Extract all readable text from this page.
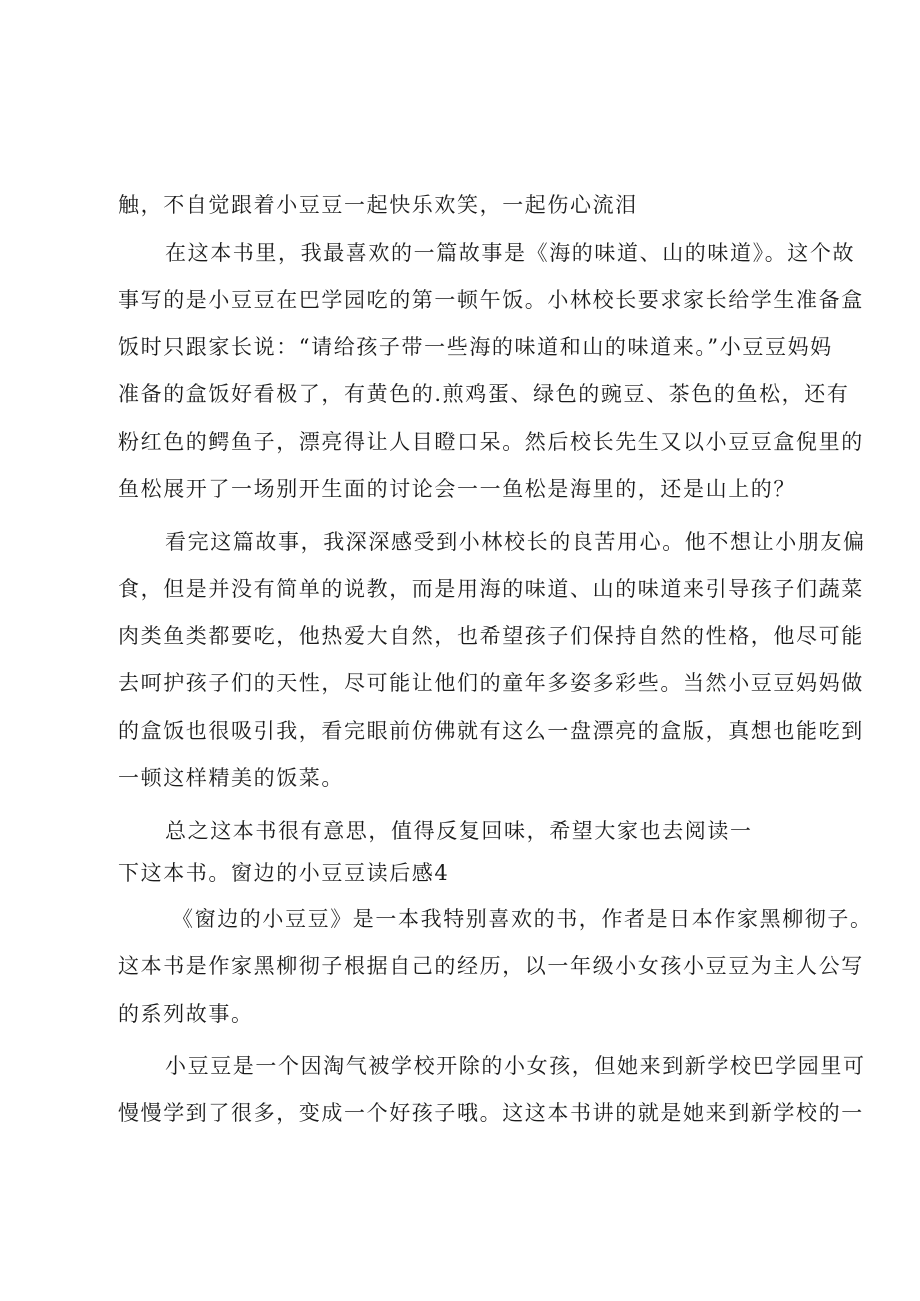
触，不自觉跟着小豆豆一起快乐欢笑，一起伤心流泪

在这本书里，我最喜欢的一篇故事是《海的味道、山的味道》。这个故

事写的是小豆豆在巴学园吃的第一顿午饭。小林校长要求家长给学生准备盒

饭时只跟家长说：“请给孩子带一些海的味道和山的味道来。”小豆豆妈妈

准备的盒饭好看极了，有黄色的.煎鸡蛋、绿色的豌豆、茶色的鱼松，还有

粉红色的鳄鱼子，漂亮得让人目瞪口呆。然后校长先生又以小豆豆盒倪里的

鱼松展开了一场别开生面的讨论会一一鱼松是海里的，还是山上的？

看完这篇故事，我深深感受到小林校长的良苦用心。他不想让小朋友偏

食，但是并没有简单的说教，而是用海的味道、山的味道来引导孩子们蔬菜

肉类鱼类都要吃，他热爱大自然，也希望孩子们保持自然的性格，他尽可能

去呵护孩子们的天性，尽可能让他们的童年多姿多彩些。当然小豆豆妈妈做

的盒饭也很吸引我，看完眼前仿佛就有这么一盘漂亮的盒版，真想也能吃到

一顿这样精美的饭菜。

总之这本书很有意思，值得反复回味，希望大家也去阅读一

下这本书。窗边的小豆豆读后感4

《窗边的小豆豆》是一本我特别喜欢的书，作者是日本作家黑柳彻子。

这本书是作家黑柳彻子根据自己的经历，以一年级小女孩小豆豆为主人公写

的系列故事。

小豆豆是一个因淘气被学校开除的小女孩，但她来到新学校巴学园里可

慢慢学到了很多，变成一个好孩子哦。这这本书讲的就是她来到新学校的一
